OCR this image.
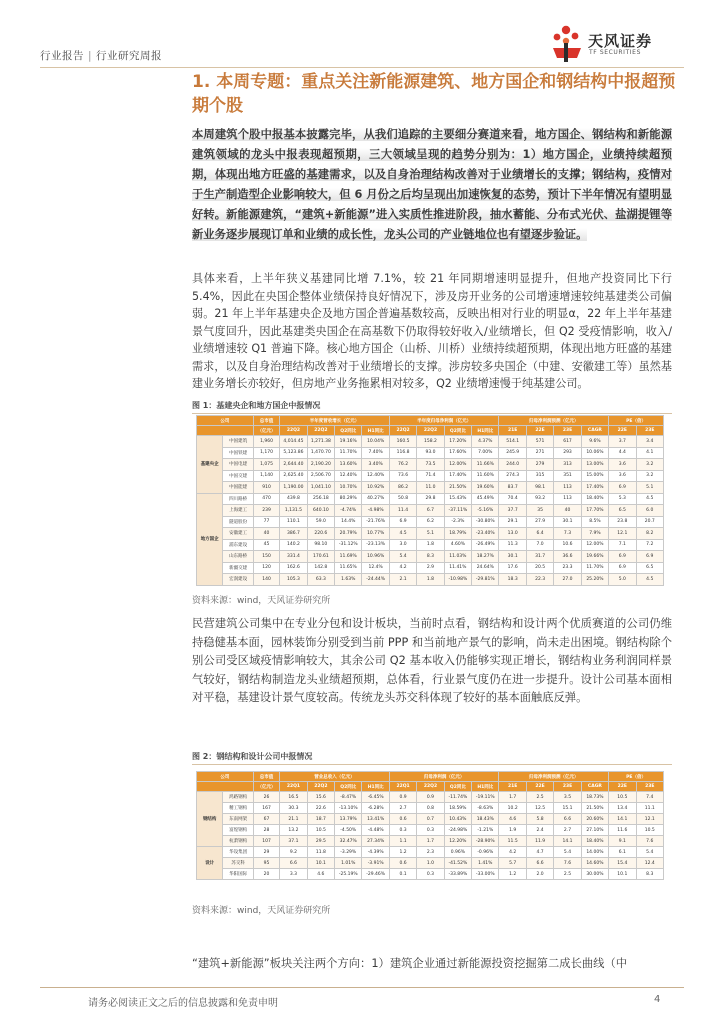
行业报告 | 行业研究周报
天风证券
TF SECURITIES
1. 本周专题：重点关注新能源建筑、地方国企和钢结构中报超预期个股
本周建筑个股中报基本披露完毕，从我们追踪的主要细分赛道来看，地方国企、钢结构和新能源建筑领域的龙头中报表现超预期，三大领域呈现的趋势分别为：1）地方国企，业绩持续超预期，体现出地方旺盛的基建需求，以及自身治理结构改善对于业绩增长的支撑；钢结构，疫情对于生产制造型企业影响较大，但 6 月份之后均呈现出加速恢复的态势，预计下半年情况有望明显好转。新能源建筑，“建筑+新能源”进入实质性推进阶段，抽水蓄能、分布式光伏、盐湖提锂等新业务逐步展现订单和业绩的成长性，龙头公司的产业链地位也有望逐步验证。
具体来看，上半年狭义基建同比增 7.1%，较 21 年同期增速明显提升，但地产投资同比下行 5.4%，因此在央国企整体业绩保持良好情况下，涉及房开业务的公司增速增速较纯基建类公司偏弱。21 年上半年基建央企及地方国企普遍基数较高，反映出相对行业的明显α，22 年上半年基建景气度回升，因此基建类央国企在高基数下仍取得较好收入/业绩增长，但 Q2 受疫情影响，收入/业绩增速较 Q1 普遍下降。核心地方国企（山桥、川桥）业绩持续超预期，体现出地方旺盛的基建需求，以及自身治理结构改善对于业绩增长的支撑。涉房较多央国企（中建、安徽建工等）虽然基建业务增长亦较好，但房地产业务拖累相对较多，Q2 业绩增速慢于纯基建公司。
图 1：基建央企和地方国企中报情况
公司		总市值	半年度营收增长（亿元）				半年度归母净利润（亿元）				归母净利润预测（亿元）				PE（倍）	
		（亿元）	22Q2	22Q2	Q2同比	H1同比	22Q2	22Q2	Q2同比	H1同比	21E	22E	23E	CAGR	22E	23E
基建央企	中国建筑	1,960	4,014.45	1,271.38	19.16%	10.04%	160.5	158.2	17.20%	4.37%	514.1	571	617	9.6%	3.7	3.4
	中国铁建	1,170	5,123.86	1,470.70	11.70%	7.40%	116.8	93.0	17.60%	7.00%	245.9	271	293	10.06%	4.4	4.1
	中国电建	1,075	2,644.40	2,190.20	13.60%	3.40%	76.2	73.5	12.00%	11.66%	244.0	279	313	13.00%	3.6	3.2
	中国交建	1,140	2,625.40	2,506.70	12.40%	12.40%	73.6	71.4	17.40%	11.60%	274.3	315	351	15.00%	3.6	3.2
	中国能建	910	1,190.00	1,041.10	10.70%	10.92%	86.2	11.0	21.50%	19.60%	83.7	98.1	113	17.40%	6.9	5.1
地方国企	四川路桥	470	439.8	256.18	80.29%	40.27%	50.8	29.8	15.43%	45.49%	70.4	93.2	113	18.40%	5.3	4.5
	上海建工	239	1,131.5	640.10	-4.74%	-4.98%	11.4	6.7	-37.11%	-5.16%	37.7	35	40	17.70%	6.5	6.0
	隧道股份	77	110.1	59.0	14.4%	-21.76%	6.9	6.2	-2.3%	-30.80%	29.1	27.9	30.1	8.5%	23.8	20.7
	安徽建工	40	386.7	220.6	20.79%	10.77%	4.5	5.1	18.79%	-23.40%	13.0	6.4	7.3	7.9%	12.1	8.2
	浦东建设	45	140.2	98.10	-31.12%	-23.13%	3.0	1.8	4.60%	-26.49%	11.3	7.0	10.6	12.00%	7.1	7.2
	山东路桥	150	331.4	170.61	11.69%	10.96%	5.4	8.3	11.03%	18.27%	30.1	31.7	36.6	19.66%	6.9	6.9
	新疆交建	120	162.6	142.8	11.65%	12.4%	4.2	2.9	11.41%	24.64%	17.6	20.5	23.3	11.70%	6.9	6.5
	宏润建设	140	105.3	63.3	1.63%	-24.44%	2.1	1.8	-10.98%	-29.81%	18.3	22.3	27.0	25.20%	5.0	4.5
资料来源：wind，天风证券研究所
民营建筑公司集中在专业分包和设计板块，当前时点看，钢结构和设计两个优质赛道的公司仍维持稳健基本面，园林装饰分别受到当前 PPP 和当前地产景气的影响，尚未走出困境。钢结构除个别公司受区域疫情影响较大，其余公司 Q2 基本收入仍能够实现正增长，钢结构业务利润同样景气较好，钢结构制造龙头业绩超预期，总体看，行业景气度仍在进一步提升。设计公司基本面相对平稳，基建设计景气度较高。传统龙头苏交科体现了较好的基本面触底反弹。
图 2：钢结构和设计公司中报情况
公司		总市值	营业总收入（亿元）				归母净利润（亿元）				归母净利润预测（亿元）				PE（倍）	
		（亿元）	22Q1	22Q2	Q2同比	H1同比	22Q1	22Q2	Q2同比	H1同比	21E	22E	23E	CAGR	22E	23E
钢结构	鸿路钢构	26	16.5	15.6	-8.47%	-6.45%	0.9	0.9	-11.74%	-19.11%	1.7	2.5	3.5	18.73%	10.5	7.4
	精工钢构	167	30.3	22.6	-13.10%	-6.28%	2.7	0.8	18.59%	-8.63%	10.2	12.5	15.1	21.50%	13.4	11.1
	东南网架	67	21.1	18.7	13.79%	13.41%	0.6	0.7	10.43%	18.43%	4.6	5.8	6.6	20.60%	14.1	12.1
	富煌钢构	28	13.2	10.5	-4.50%	-4.48%	0.3	0.3	-24.98%	-1.21%	1.9	2.4	2.7	27.10%	11.6	10.5
	杭萧钢构	107	37.1	29.5	32.47%	27.34%	1.1	1.7	12.20%	-28.90%	11.5	11.9	14.1	18.40%	9.1	7.6
设计	华设集团	29	9.2	11.8	-3.29%	-4.39%	1.2	2.3	0.96%	-0.96%	4.2	4.7	5.4	14.00%	6.1	5.4
	苏交科	95	6.6	10.1	1.01%	-3.91%	0.6	1.0	-41.52%	1.41%	5.7	6.6	7.6	14.60%	15.4	12.4
	华阳国际	20	3.3	4.6	-25.19%	-29.46%	0.1	0.3	-33.89%	-33.00%	1.2	2.0	2.5	30.00%	10.1	8.3
资料来源：wind，天风证券研究所
“建筑+新能源”板块关注两个方向：1）建筑企业通过新能源投资挖掘第二成长曲线（中
请务必阅读正文之后的信息披露和免责申明	4
